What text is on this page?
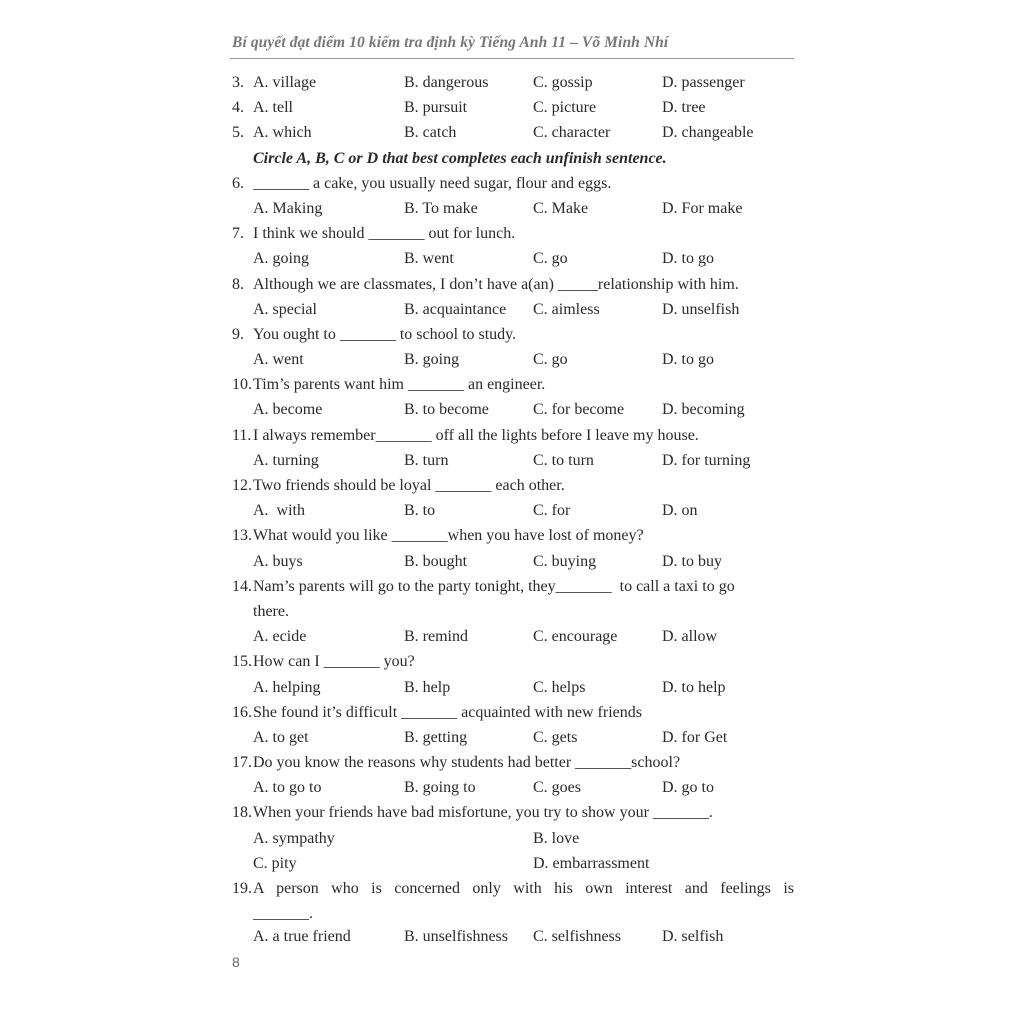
Bí quyết đạt điểm 10 kiểm tra định kỳ Tiếng Anh 11 – Võ Minh Nhí
3. A. village	B. dangerous	C. gossip	D. passenger
4. A. tell	B. pursuit	C. picture	D. tree
5. A. which	B. catch	C. character	D. changeable
Circle A, B, C or D that best completes each unfinish sentence.
6. _______ a cake, you usually need sugar, flour and eggs.
A. Making	B. To make	C. Make	D. For make
7. I think we should _______ out for lunch.
A. going	B. went	C. go	D. to go
8. Although we are classmates, I don’t have a(an) _____relationship with him.
A. special	B. acquaintance C. aimless	D. unselfish
9. You ought to _______ to school to study.
A. went	B. going	C. go	D. to go
10. Tim’s parents want him _______ an engineer.
A. become	B. to become	C. for become D. becoming
11. I always remember_______ off all the lights before I leave my house.
A. turning	B. turn	C. to turn	D. for turning
12. Two friends should be loyal _______ each other.
A.  with	B. to	C. for	D. on
13. What would you like _______when you have lost of money?
A. buys	B. bought	C. buying	D. to buy
14. Nam’s parents will go to the party tonight, they_______  to call a taxi to go
there.
A. ecide	B. remind	C. encourage	D. allow
15. How can I _______ you?
A. helping	B. help	C. helps	D. to help
16. She found it’s difficult _______ acquainted with new friends
A. to get	B. getting	C. gets	D. for Get
17. Do you know the reasons why students had better _______school?
A. to go to	B. going to	C. goes	D. go to
18. When your friends have bad misfortune, you try to show your _______.
A. sympathy	B. love
C. pity	D. embarrassment
19. A person who is concerned only with his own interest and feelings is
_______.
A. a true friend	B. unselfishness C. selfishness	D. selfish
8
